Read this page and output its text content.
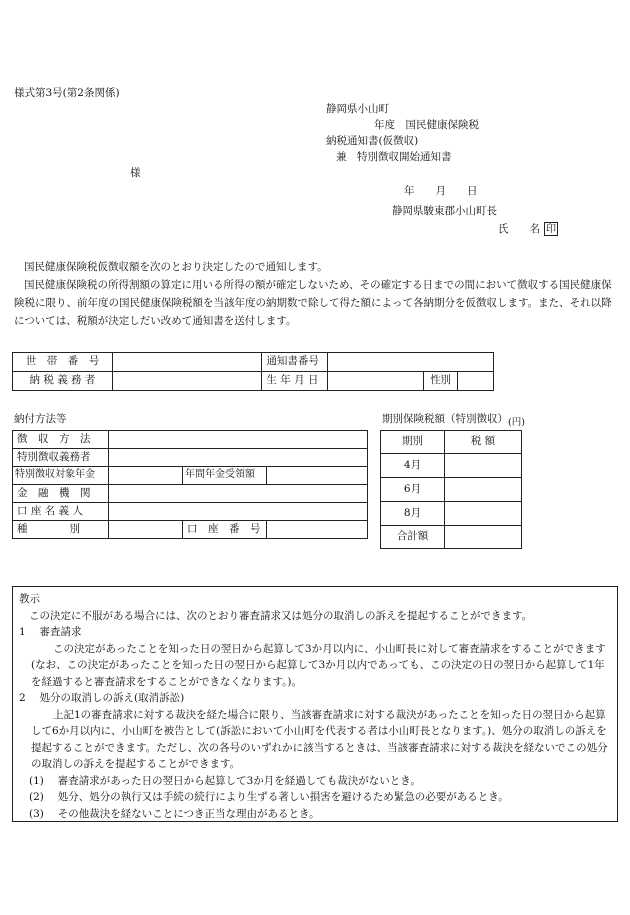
様式第3号(第2条関係)
静岡県小山町
年度　国民健康保険税
納税通知書(仮徴収)
兼　特別徴収開始通知書
様
年　　月　　日
静岡県駿東郡小山町長
氏　　名 印
国民健康保険税仮徴収額を次のとおり決定したので通知します。
国民健康保険税の所得割額の算定に用いる所得の額が確定しないため、その確定する日までの間において徴収する国民健康保険税に限り、前年度の国民健康保険税額を当該年度の納期数で除して得た額によって各納期分を仮徴収します。また、それ以降については、税額が決定しだい改めて通知書を送付します。
世　帯　番　号		通知書番号			
納 税 義 務 者		生 年 月 日		性別	
納付方法等
徴　収　方　法			
特別徴収義務者			
特別徴収対象年金		年間年金受領額	
金　融　機　関			
口 座 名 義 人			
種　　　　別		口　座　番　号	
期別保険税額（特別徴収）(円)
期別	税 額
4月	
6月	
8月	
合計額	
教示
この決定に不服がある場合には、次のとおり審査請求又は処分の取消しの訴えを提起することができます。
1　 審査請求
この決定があったことを知った日の翌日から起算して3か月以内に、小山町長に対して審査請求をすることができます(なお、この決定があったことを知った日の翌日から起算して3か月以内であっても、この決定の日の翌日から起算して1年を経過すると審査請求をすることができなくなります。)。
2　 処分の取消しの訴え(取消訴訟)
上記1の審査請求に対する裁決を経た場合に限り、当該審査請求に対する裁決があったことを知った日の翌日から起算して6か月以内に、小山町を被告として(訴訟において小山町を代表する者は小山町長となります。)、処分の取消しの訴えを提起することができます。ただし、次の各号のいずれかに該当するときは、当該審査請求に対する裁決を経ないでこの処分の取消しの訴えを提起することができます。
(1)　 審査請求があった日の翌日から起算して3か月を経過しても裁決がないとき。
(2)　 処分、処分の執行又は手続の続行により生ずる著しい損害を避けるため緊急の必要があるとき。
(3)　 その他裁決を経ないことにつき正当な理由があるとき。
